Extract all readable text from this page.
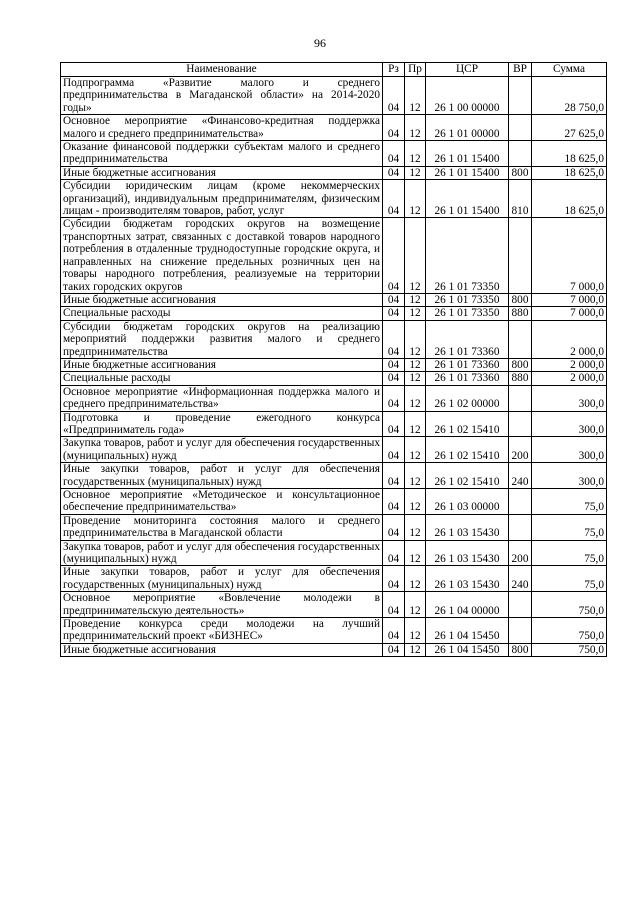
96
Наименование	Рз	Пр	ЦСР	ВР	Сумма
Подпрограмма «Развитие малого и среднего предпринимательства в Магаданской области» на 2014-2020 годы»	04	12	26 1 00 00000		28 750,0
Основное мероприятие «Финансово-кредитная поддержка малого и среднего предпринимательства»	04	12	26 1 01 00000		27 625,0
Оказание финансовой поддержки субъектам малого и среднего предпринимательства	04	12	26 1 01 15400		18 625,0
Иные бюджетные ассигнования	04	12	26 1 01 15400	800	18 625,0
Субсидии юридическим лицам (кроме некоммерческих организаций), индивидуальным предпринимателям, физическим лицам - производителям товаров, работ, услуг	04	12	26 1 01 15400	810	18 625,0
Субсидии бюджетам городских округов на возмещение транспортных затрат, связанных с доставкой товаров народного потребления в отдаленные труднодоступные городские округа, и направленных на снижение предельных розничных цен на товары народного потребления, реализуемые на территории таких городских округов	04	12	26 1 01 73350		7 000,0
Иные бюджетные ассигнования	04	12	26 1 01 73350	800	7 000,0
Специальные расходы	04	12	26 1 01 73350	880	7 000,0
Субсидии бюджетам городских округов на реализацию мероприятий поддержки развития малого и среднего предпринимательства	04	12	26 1 01 73360		2 000,0
Иные бюджетные ассигнования	04	12	26 1 01 73360	800	2 000,0
Специальные расходы	04	12	26 1 01 73360	880	2 000,0
Основное мероприятие «Информационная поддержка малого и среднего предпринимательства»	04	12	26 1 02 00000		300,0
Подготовка и проведение ежегодного конкурса «Предприниматель года»	04	12	26 1 02 15410		300,0
Закупка товаров, работ и услуг для обеспечения государственных (муниципальных) нужд	04	12	26 1 02 15410	200	300,0
Иные закупки товаров, работ и услуг для обеспечения государственных (муниципальных) нужд	04	12	26 1 02 15410	240	300,0
Основное мероприятие «Методическое и консультационное обеспечение предпринимательства»	04	12	26 1 03 00000		75,0
Проведение мониторинга состояния малого и среднего предпринимательства в Магаданской области	04	12	26 1 03 15430		75,0
Закупка товаров, работ и услуг для обеспечения государственных (муниципальных) нужд	04	12	26 1 03 15430	200	75,0
Иные закупки товаров, работ и услуг для обеспечения государственных (муниципальных) нужд	04	12	26 1 03 15430	240	75,0
Основное мероприятие «Вовлечение молодежи в предпринимательскую деятельность»	04	12	26 1 04 00000		750,0
Проведение конкурса среди молодежи на лучший предпринимательский проект «БИЗНЕС»	04	12	26 1 04 15450		750,0
Иные бюджетные ассигнования	04	12	26 1 04 15450	800	750,0
